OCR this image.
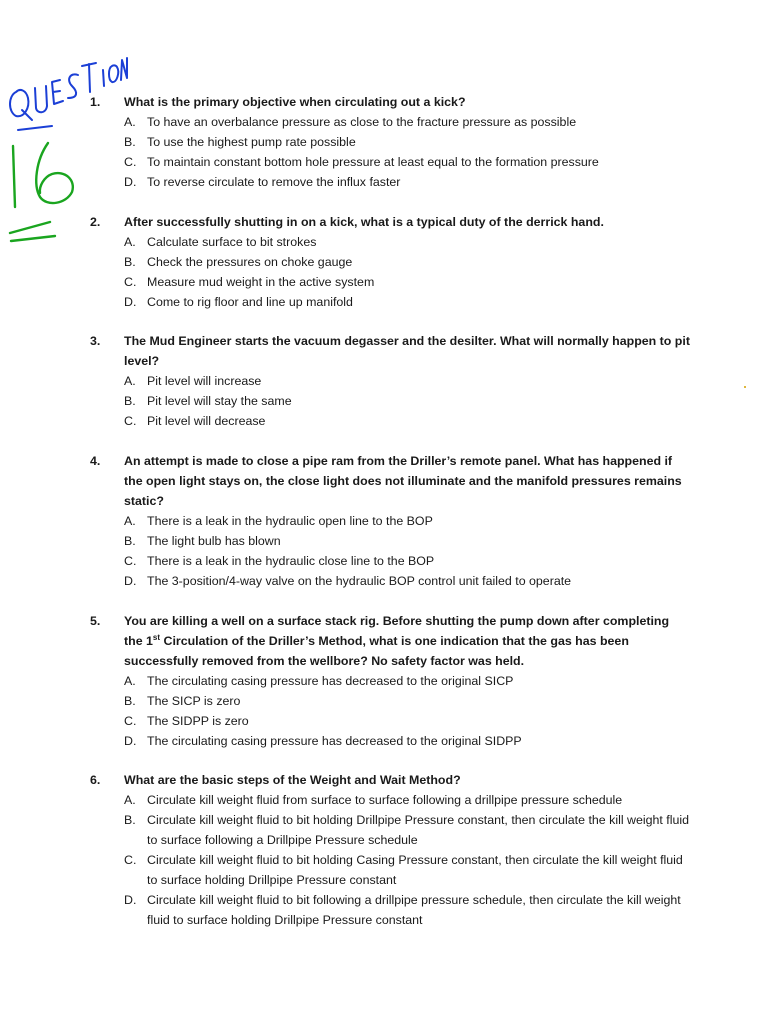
1.	What is the primary objective when circulating out a kick?
A. To have an overbalance pressure as close to the fracture pressure as possible
B. To use the highest pump rate possible
C. To maintain constant bottom hole pressure at least equal to the formation pressure
D. To reverse circulate to remove the influx faster
2.	After successfully shutting in on a kick, what is a typical duty of the derrick hand.
A. Calculate surface to bit strokes
B. Check the pressures on choke gauge
C. Measure mud weight in the active system
D. Come to rig floor and line up manifold
3.	The Mud Engineer starts the vacuum degasser and the desilter. What will normally happen to pit level?
A. Pit level will increase
B. Pit level will stay the same
C. Pit level will decrease
4.	An attempt is made to close a pipe ram from the Driller’s remote panel. What has happened if the open light stays on, the close light does not illuminate and the manifold pressures remains static?
A. There is a leak in the hydraulic open line to the BOP
B. The light bulb has blown
C. There is a leak in the hydraulic close line to the BOP
D. The 3-position/4-way valve on the hydraulic BOP control unit failed to operate
5.	You are killing a well on a surface stack rig. Before shutting the pump down after completing the 1st Circulation of the Driller’s Method, what is one indication that the gas has been successfully removed from the wellbore? No safety factor was held.
A. The circulating casing pressure has decreased to the original SICP
B. The SICP is zero
C. The SIDPP is zero
D. The circulating casing pressure has decreased to the original SIDPP
6.	What are the basic steps of the Weight and Wait Method?
A. Circulate kill weight fluid from surface to surface following a drillpipe pressure schedule
B. Circulate kill weight fluid to bit holding Drillpipe Pressure constant, then circulate the kill weight fluid to surface following a Drillpipe Pressure schedule
C. Circulate kill weight fluid to bit holding Casing Pressure constant, then circulate the kill weight fluid to surface holding Drillpipe Pressure constant
D. Circulate kill weight fluid to bit following a drillpipe pressure schedule, then circulate the kill weight fluid to surface holding Drillpipe Pressure constant
